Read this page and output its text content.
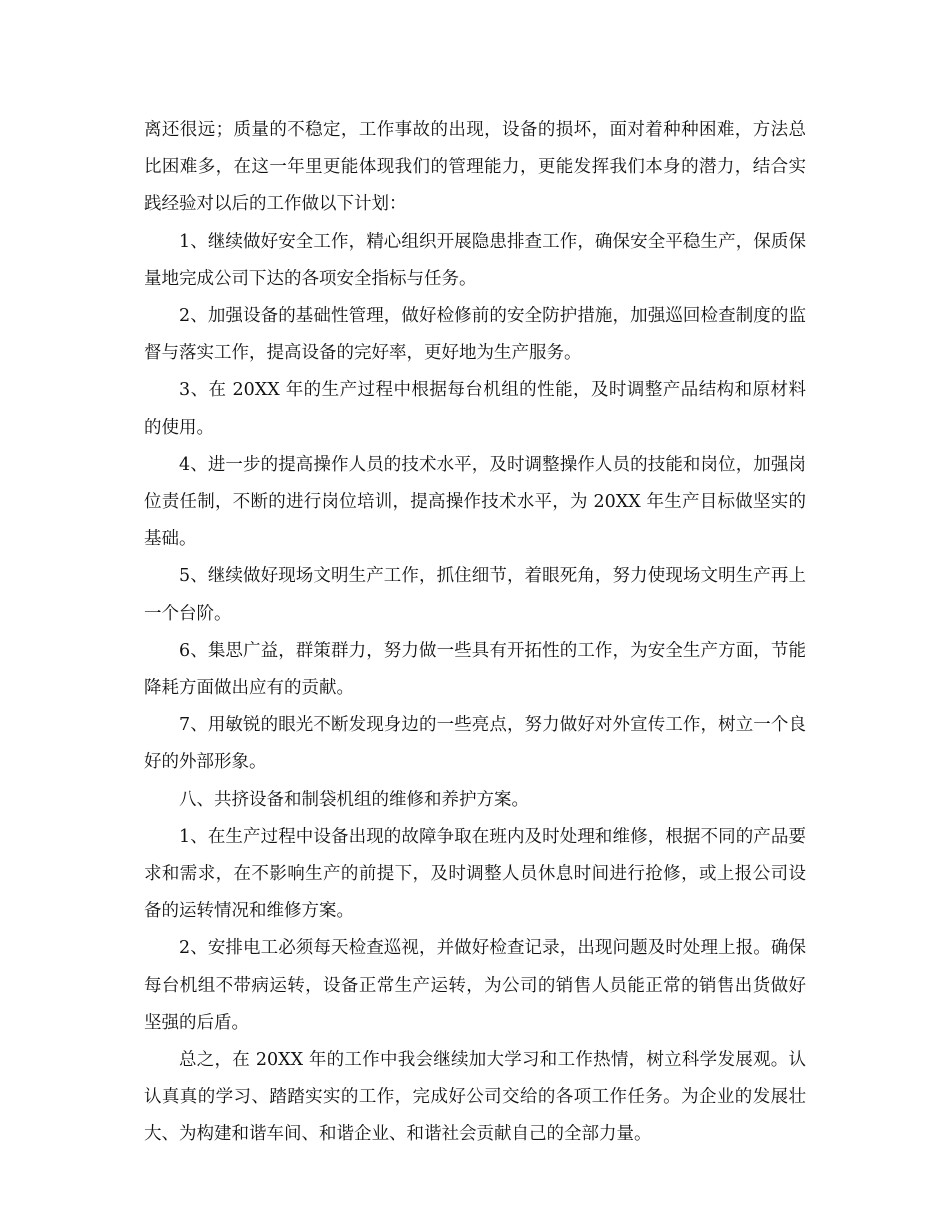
离还很远；质量的不稳定，工作事故的出现，设备的损坏，面对着种种困难，方法总比困难多，在这一年里更能体现我们的管理能力，更能发挥我们本身的潜力，结合实践经验对以后的工作做以下计划：

1、继续做好安全工作，精心组织开展隐患排查工作，确保安全平稳生产，保质保量地完成公司下达的各项安全指标与任务。

2、加强设备的基础性管理，做好检修前的安全防护措施，加强巡回检查制度的监督与落实工作，提高设备的完好率，更好地为生产服务。

3、在 20XX 年的生产过程中根据每台机组的性能，及时调整产品结构和原材料的使用。

4、进一步的提高操作人员的技术水平，及时调整操作人员的技能和岗位，加强岗位责任制，不断的进行岗位培训，提高操作技术水平，为 20XX 年生产目标做坚实的基础。

5、继续做好现场文明生产工作，抓住细节，着眼死角，努力使现场文明生产再上一个台阶。

6、集思广益，群策群力，努力做一些具有开拓性的工作，为安全生产方面，节能降耗方面做出应有的贡献。

7、用敏锐的眼光不断发现身边的一些亮点，努力做好对外宣传工作，树立一个良好的外部形象。

八、共挤设备和制袋机组的维修和养护方案。

1、在生产过程中设备出现的故障争取在班内及时处理和维修，根据不同的产品要求和需求，在不影响生产的前提下，及时调整人员休息时间进行抢修，或上报公司设备的运转情况和维修方案。

2、安排电工必须每天检查巡视，并做好检查记录，出现问题及时处理上报。确保每台机组不带病运转，设备正常生产运转，为公司的销售人员能正常的销售出货做好坚强的后盾。

总之，在 20XX 年的工作中我会继续加大学习和工作热情，树立科学发展观。认认真真的学习、踏踏实实的工作，完成好公司交给的各项工作任务。为企业的发展壮大、为构建和谐车间、和谐企业、和谐社会贡献自己的全部力量。
